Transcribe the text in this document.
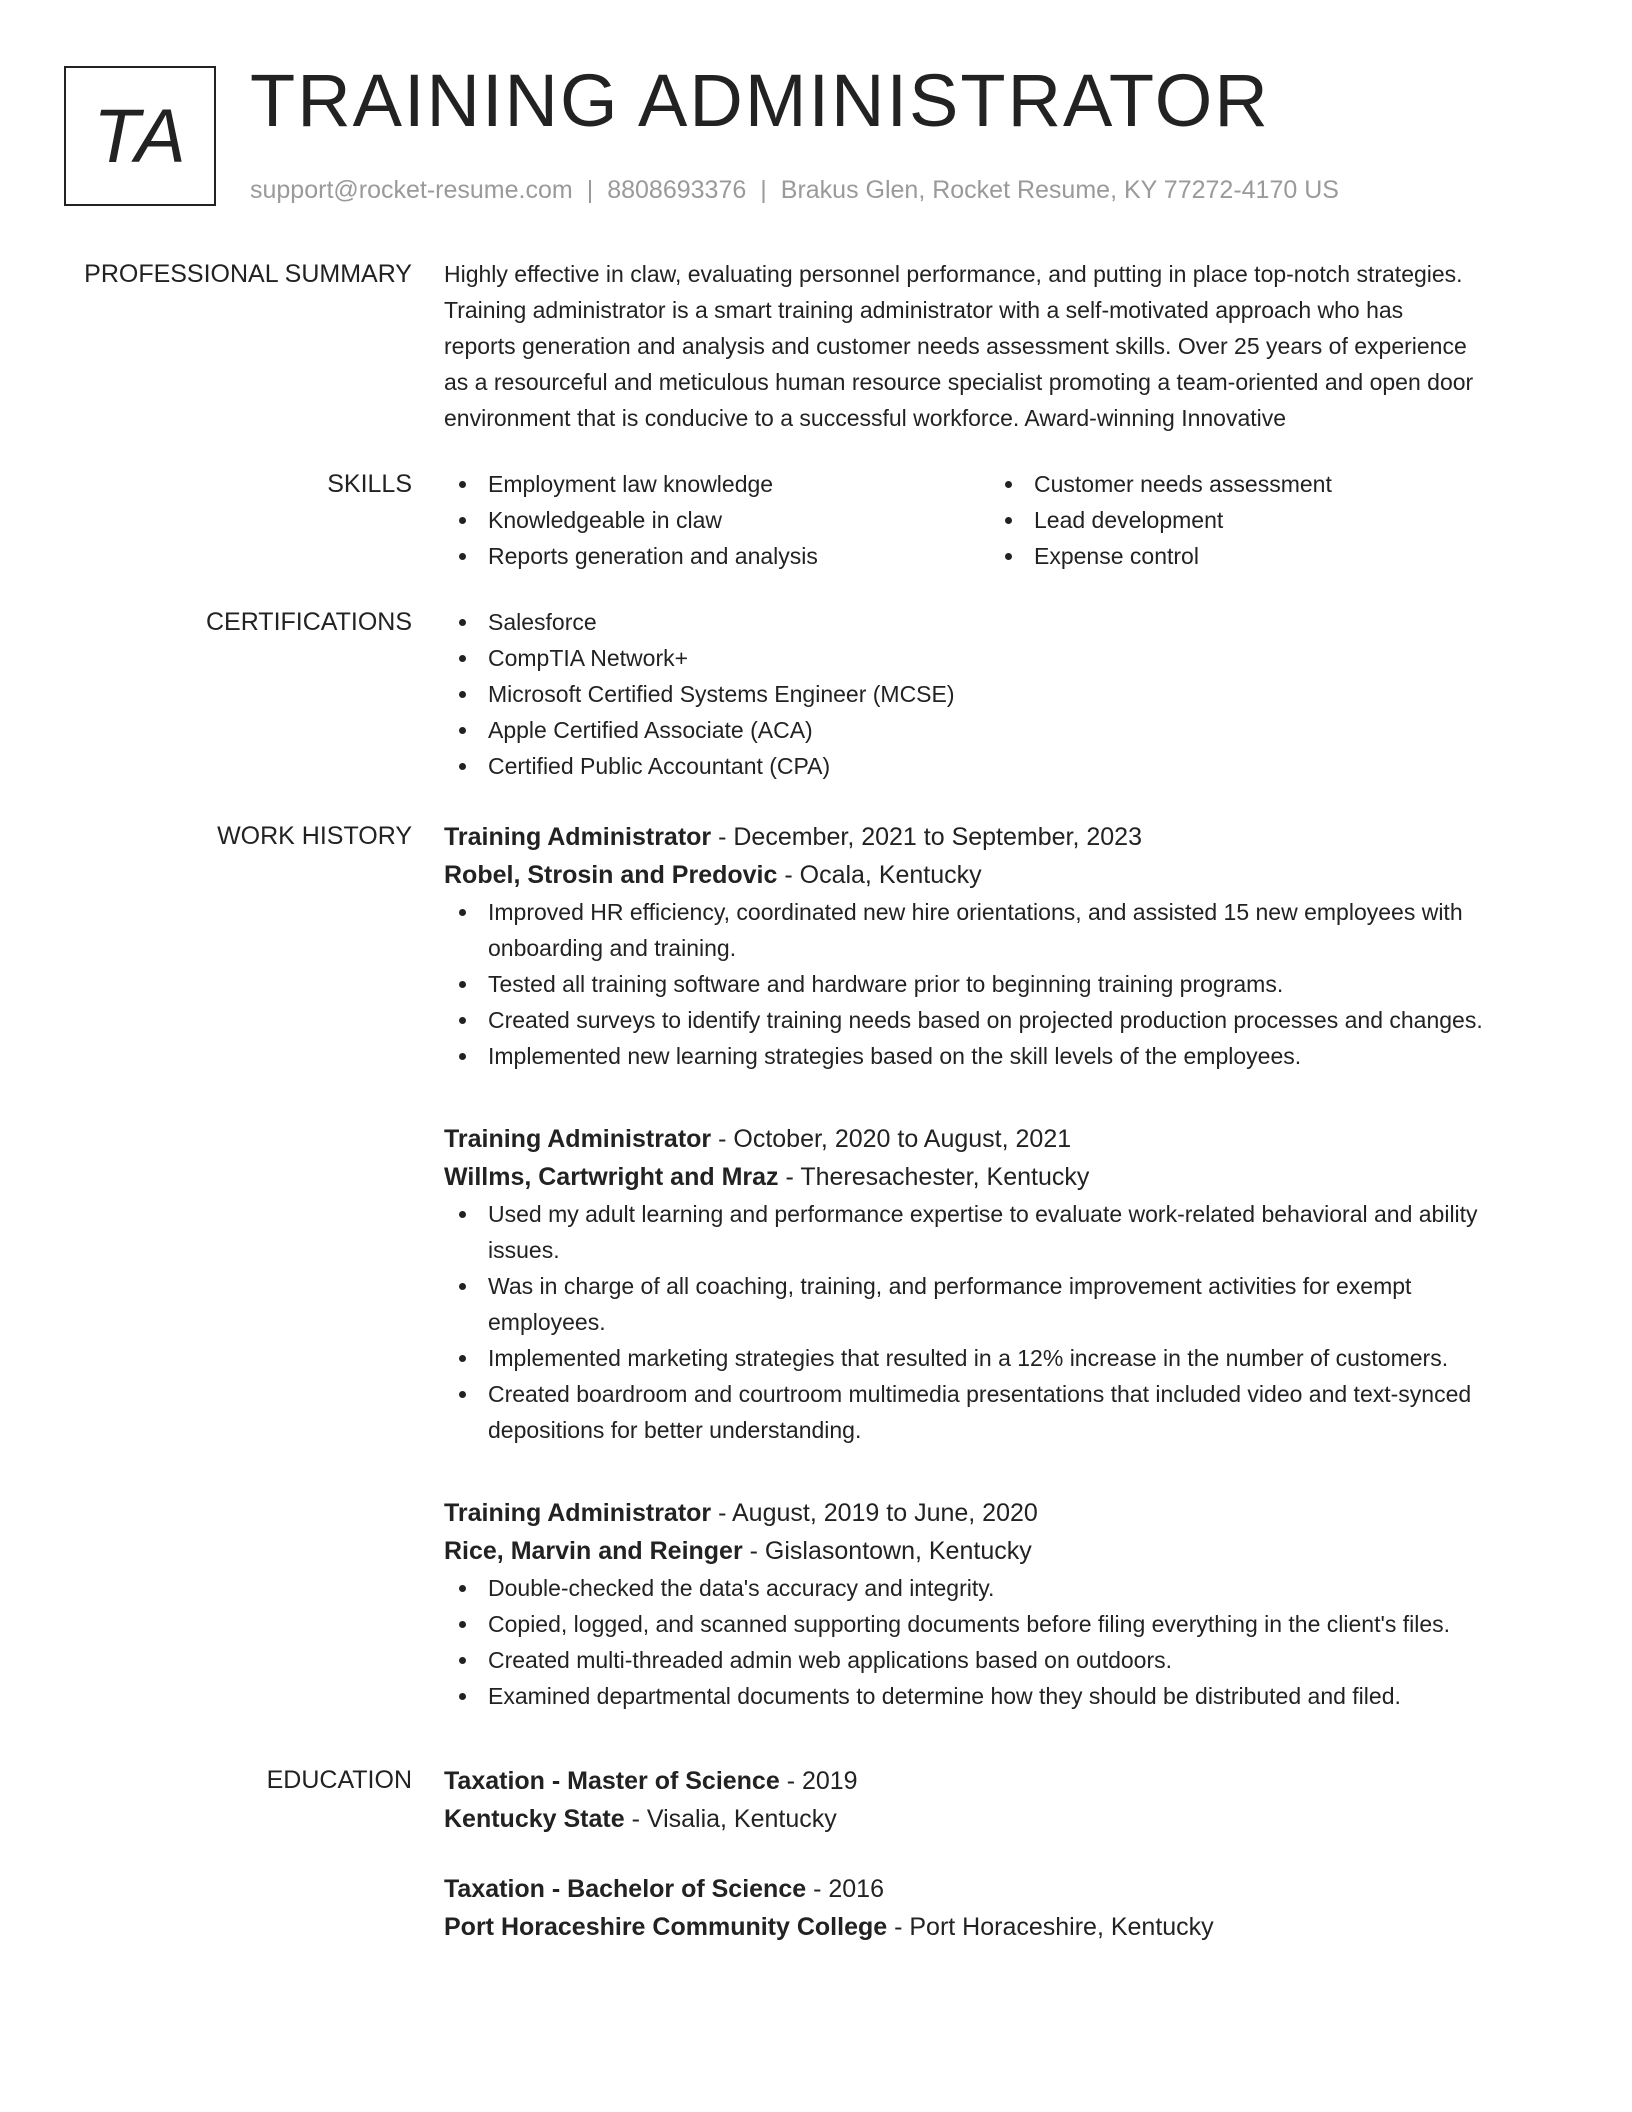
TA TRAINING ADMINISTRATOR
support@rocket-resume.com | 8808693376 | Brakus Glen, Rocket Resume, KY 77272-4170 US
PROFESSIONAL SUMMARY Highly effective in claw, evaluating personnel performance, and putting in place top-notch strategies.
Training administrator is a smart training administrator with a self-motivated approach who has
reports generation and analysis and customer needs assessment skills. Over 25 years of experience
as a resourceful and meticulous human resource specialist promoting a team-oriented and open door
environment that is conducive to a successful workforce. Award-winning Innovative
SKILLS	Employment law knowledge
Knowledgeable in claw
Reports generation and analysis
Customer needs assessment
Lead development
Expense control
CERTIFICATIONS	Salesforce
CompTIA Network+
Microsoft Certified Systems Engineer (MCSE)
Apple Certified Associate (ACA)
Certified Public Accountant (CPA)
WORK HISTORY Training Administrator - December, 2021 to September, 2023
Robel, Strosin and Predovic - Ocala, Kentucky
Improved HR efficiency, coordinated new hire orientations, and assisted 15 new employees with
onboarding and training.
Tested all training software and hardware prior to beginning training programs.
Created surveys to identify training needs based on projected production processes and changes.
Implemented new learning strategies based on the skill levels of the employees.
Training Administrator - October, 2020 to August, 2021
Willms, Cartwright and Mraz - Theresachester, Kentucky
Used my adult learning and performance expertise to evaluate work-related behavioral and ability
issues.
Was in charge of all coaching, training, and performance improvement activities for exempt
employees.
Implemented marketing strategies that resulted in a 12% increase in the number of customers.
Created boardroom and courtroom multimedia presentations that included video and text-synced
depositions for better understanding.
Training Administrator - August, 2019 to June, 2020
Rice, Marvin and Reinger - Gislasontown, Kentucky
Double-checked the data's accuracy and integrity.
Copied, logged, and scanned supporting documents before filing everything in the client's files.
Created multi-threaded admin web applications based on outdoors.
Examined departmental documents to determine how they should be distributed and filed.
EDUCATION Taxation - Master of Science - 2019
Kentucky State - Visalia, Kentucky
Taxation - Bachelor of Science - 2016
Port Horaceshire Community College - Port Horaceshire, Kentucky
